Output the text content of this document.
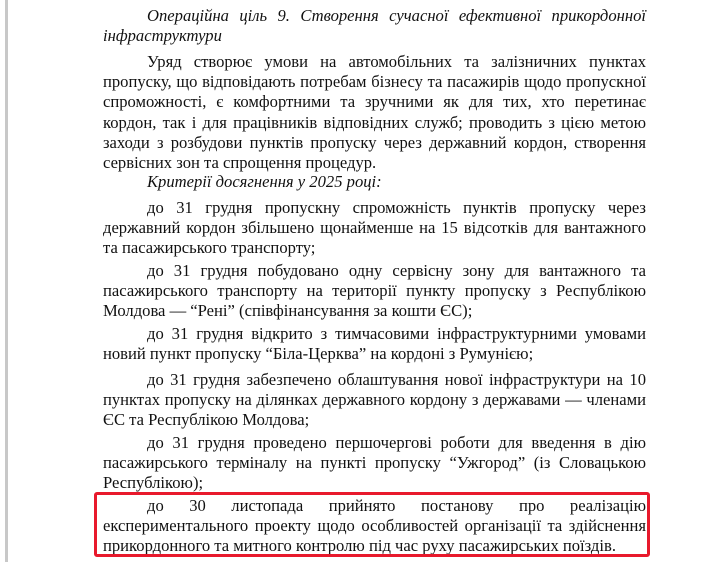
Операційна ціль 9. Створення сучасної ефективної прикордонної інфраструктури
Уряд створює умови на автомобільних та залізничних пунктах пропуску, що відповідають потребам бізнесу та пасажирів щодо пропускної спроможності, є комфортними та зручними як для тих, хто перетинає кордон, так і для працівників відповідних служб; проводить з цією метою заходи з розбудови пунктів пропуску через державний кордон, створення сервісних зон та спрощення процедур.
Критерії досягнення у 2025 році:
до 31 грудня пропускну спроможність пунктів пропуску через державний кордон збільшено щонайменше на 15 відсотків для вантажного та пасажирського транспорту;
до 31 грудня побудовано одну сервісну зону для вантажного та пасажирського транспорту на території пункту пропуску з Республікою Молдова — “Рені” (співфінансування за кошти ЄС);
до 31 грудня відкрито з тимчасовими інфраструктурними умовами новий пункт пропуску “Біла-Церква” на кордоні з Румунією;
до 31 грудня забезпечено облаштування нової інфраструктури на 10 пунктах пропуску на ділянках державного кордону з державами — членами ЄС та Республікою Молдова;
до 31 грудня проведено першочергові роботи для введення в дію пасажирського терміналу на пункті пропуску “Ужгород” (із Словацькою Республікою);
до 30 листопада прийнято постанову про реалізацію експериментального проекту щодо особливостей організації та здійснення прикордонного та митного контролю під час руху пасажирських поїздів.
